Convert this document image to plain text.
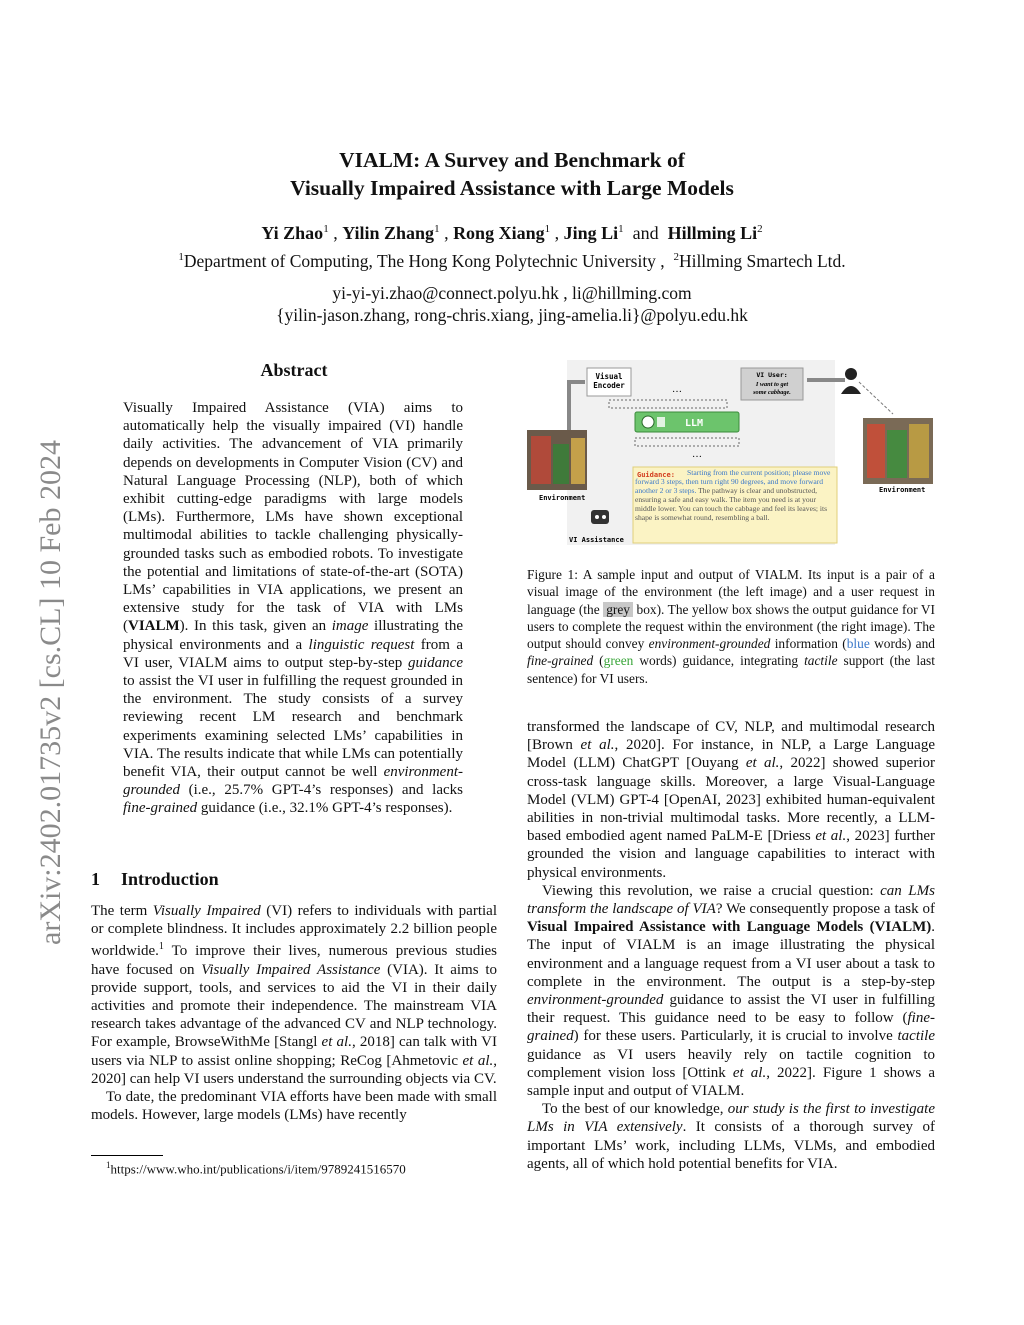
arXiv:2402.01735v2 [cs.CL] 10 Feb 2024
VIALM: A Survey and Benchmark of
Visually Impaired Assistance with Large Models
Yi Zhao$^1$ , Yilin Zhang$^1$ , Rong Xiang$^1$ , Jing Li$^1$ and Hillming Li$^2$
$^1$Department of Computing, The Hong Kong Polytechnic University , $^2$Hillming Smartech Ltd.
yi-yi-yi.zhao@connect.polyu.hk , li@hillming.com
{yilin-jason.zhang, rong-chris.xiang, jing-amelia.li}@polyu.edu.hk
Abstract
Visually Impaired Assistance (VIA) aims to automatically help the visually impaired (VI) handle daily activities. The advancement of VIA primarily depends on developments in Computer Vision (CV) and Natural Language Processing (NLP), both of which exhibit cutting-edge paradigms with large models (LMs). Furthermore, LMs have shown exceptional multimodal abilities to tackle challenging physically-grounded tasks such as embodied robots. To investigate the potential and limitations of state-of-the-art (SOTA) LMs’ capabilities in VIA applications, we present an extensive study for the task of VIA with LMs (VIALM). In this task, given an image illustrating the physical environments and a linguistic request from a VI user, VIALM aims to output step-by-step guidance to assist the VI user in fulfilling the request grounded in the environment. The study consists of a survey reviewing recent LM research and benchmark experiments examining selected LMs’ capabilities in VIA. The results indicate that while LMs can potentially benefit VIA, their output cannot be well environment-grounded (i.e., 25.7% GPT-4’s responses) and lacks fine-grained guidance (i.e., 32.1% GPT-4’s responses).
1 Introduction

The term Visually Impaired (VI) refers to individuals with partial or complete blindness. It includes approximately 2.2 billion people worldwide.$^1$ To improve their lives, numerous previous studies have focused on Visually Impaired Assistance (VIA). It aims to provide support, tools, and services to aid the VI in their daily activities and promote their independence. The mainstream VIA research takes advantage of the advanced CV and NLP technology. For example, BrowseWithMe [Stangl et al., 2018] can talk with VI users via NLP to assist online shopping; ReCog [Ahmetovic et al., 2020] can help VI users understand the surrounding objects via CV.

To date, the predominant VIA efforts have been made with small models. However, large models (LMs) have recently

$^1$https://www.who.int/publications/i/item/9789241516570
Visual Encoder
VI User:
I want to get some cabbage.
…
LLM
…
Guidance:	Starting from the current position; please move forward 3 steps, then turn right 90 degrees, and move forward another 2 or 3 steps. The pathway is clear and unobstructed, ensuring a safe and easy walk. The item you need is at your middle lower. You can touch the cabbage and feel its leaves; its shape is somewhat round, resembling a ball.
Environment
VI Assistance
Environment
Figure 1: A sample input and output of VIALM. Its input is a pair of a visual image of the environment (the left image) and a user request in language (the grey box). The yellow box shows the output guidance for VI users to complete the request within the environment (the right image). The output should convey environment-grounded information (blue words) and fine-grained (green words) guidance, integrating tactile support (the last sentence) for VI users.

transformed the landscape of CV, NLP, and multimodal research [Brown et al., 2020]. For instance, in NLP, a Large Language Model (LLM) ChatGPT [Ouyang et al., 2022] showed superior cross-task language skills. Moreover, a large Visual-Language Model (VLM) GPT-4 [OpenAI, 2023] exhibited human-equivalent abilities in non-trivial multimodal tasks. More recently, a LLM-based embodied agent named PaLM-E [Driess et al., 2023] further grounded the vision and language capabilities to interact with physical environments.

Viewing this revolution, we raise a crucial question: can LMs transform the landscape of VIA? We consequently propose a task of Visual Impaired Assistance with Language Models (VIALM). The input of VIALM is an image illustrating the physical environment and a language request from a VI user about a task to complete in the environment. The output is a step-by-step environment-grounded guidance to assist the VI user in fulfilling their request. This guidance need to be easy to follow (fine-grained) for these users. Particularly, it is crucial to involve tactile guidance as VI users heavily rely on tactile cognition to complement vision loss [Ottink et al., 2022]. Figure 1 shows a sample input and output of VIALM.

To the best of our knowledge, our study is the first to investigate LMs in VIA extensively. It consists of a thorough survey of important LMs’ work, including LLMs, VLMs, and embodied agents, all of which hold potential benefits for VIA.
